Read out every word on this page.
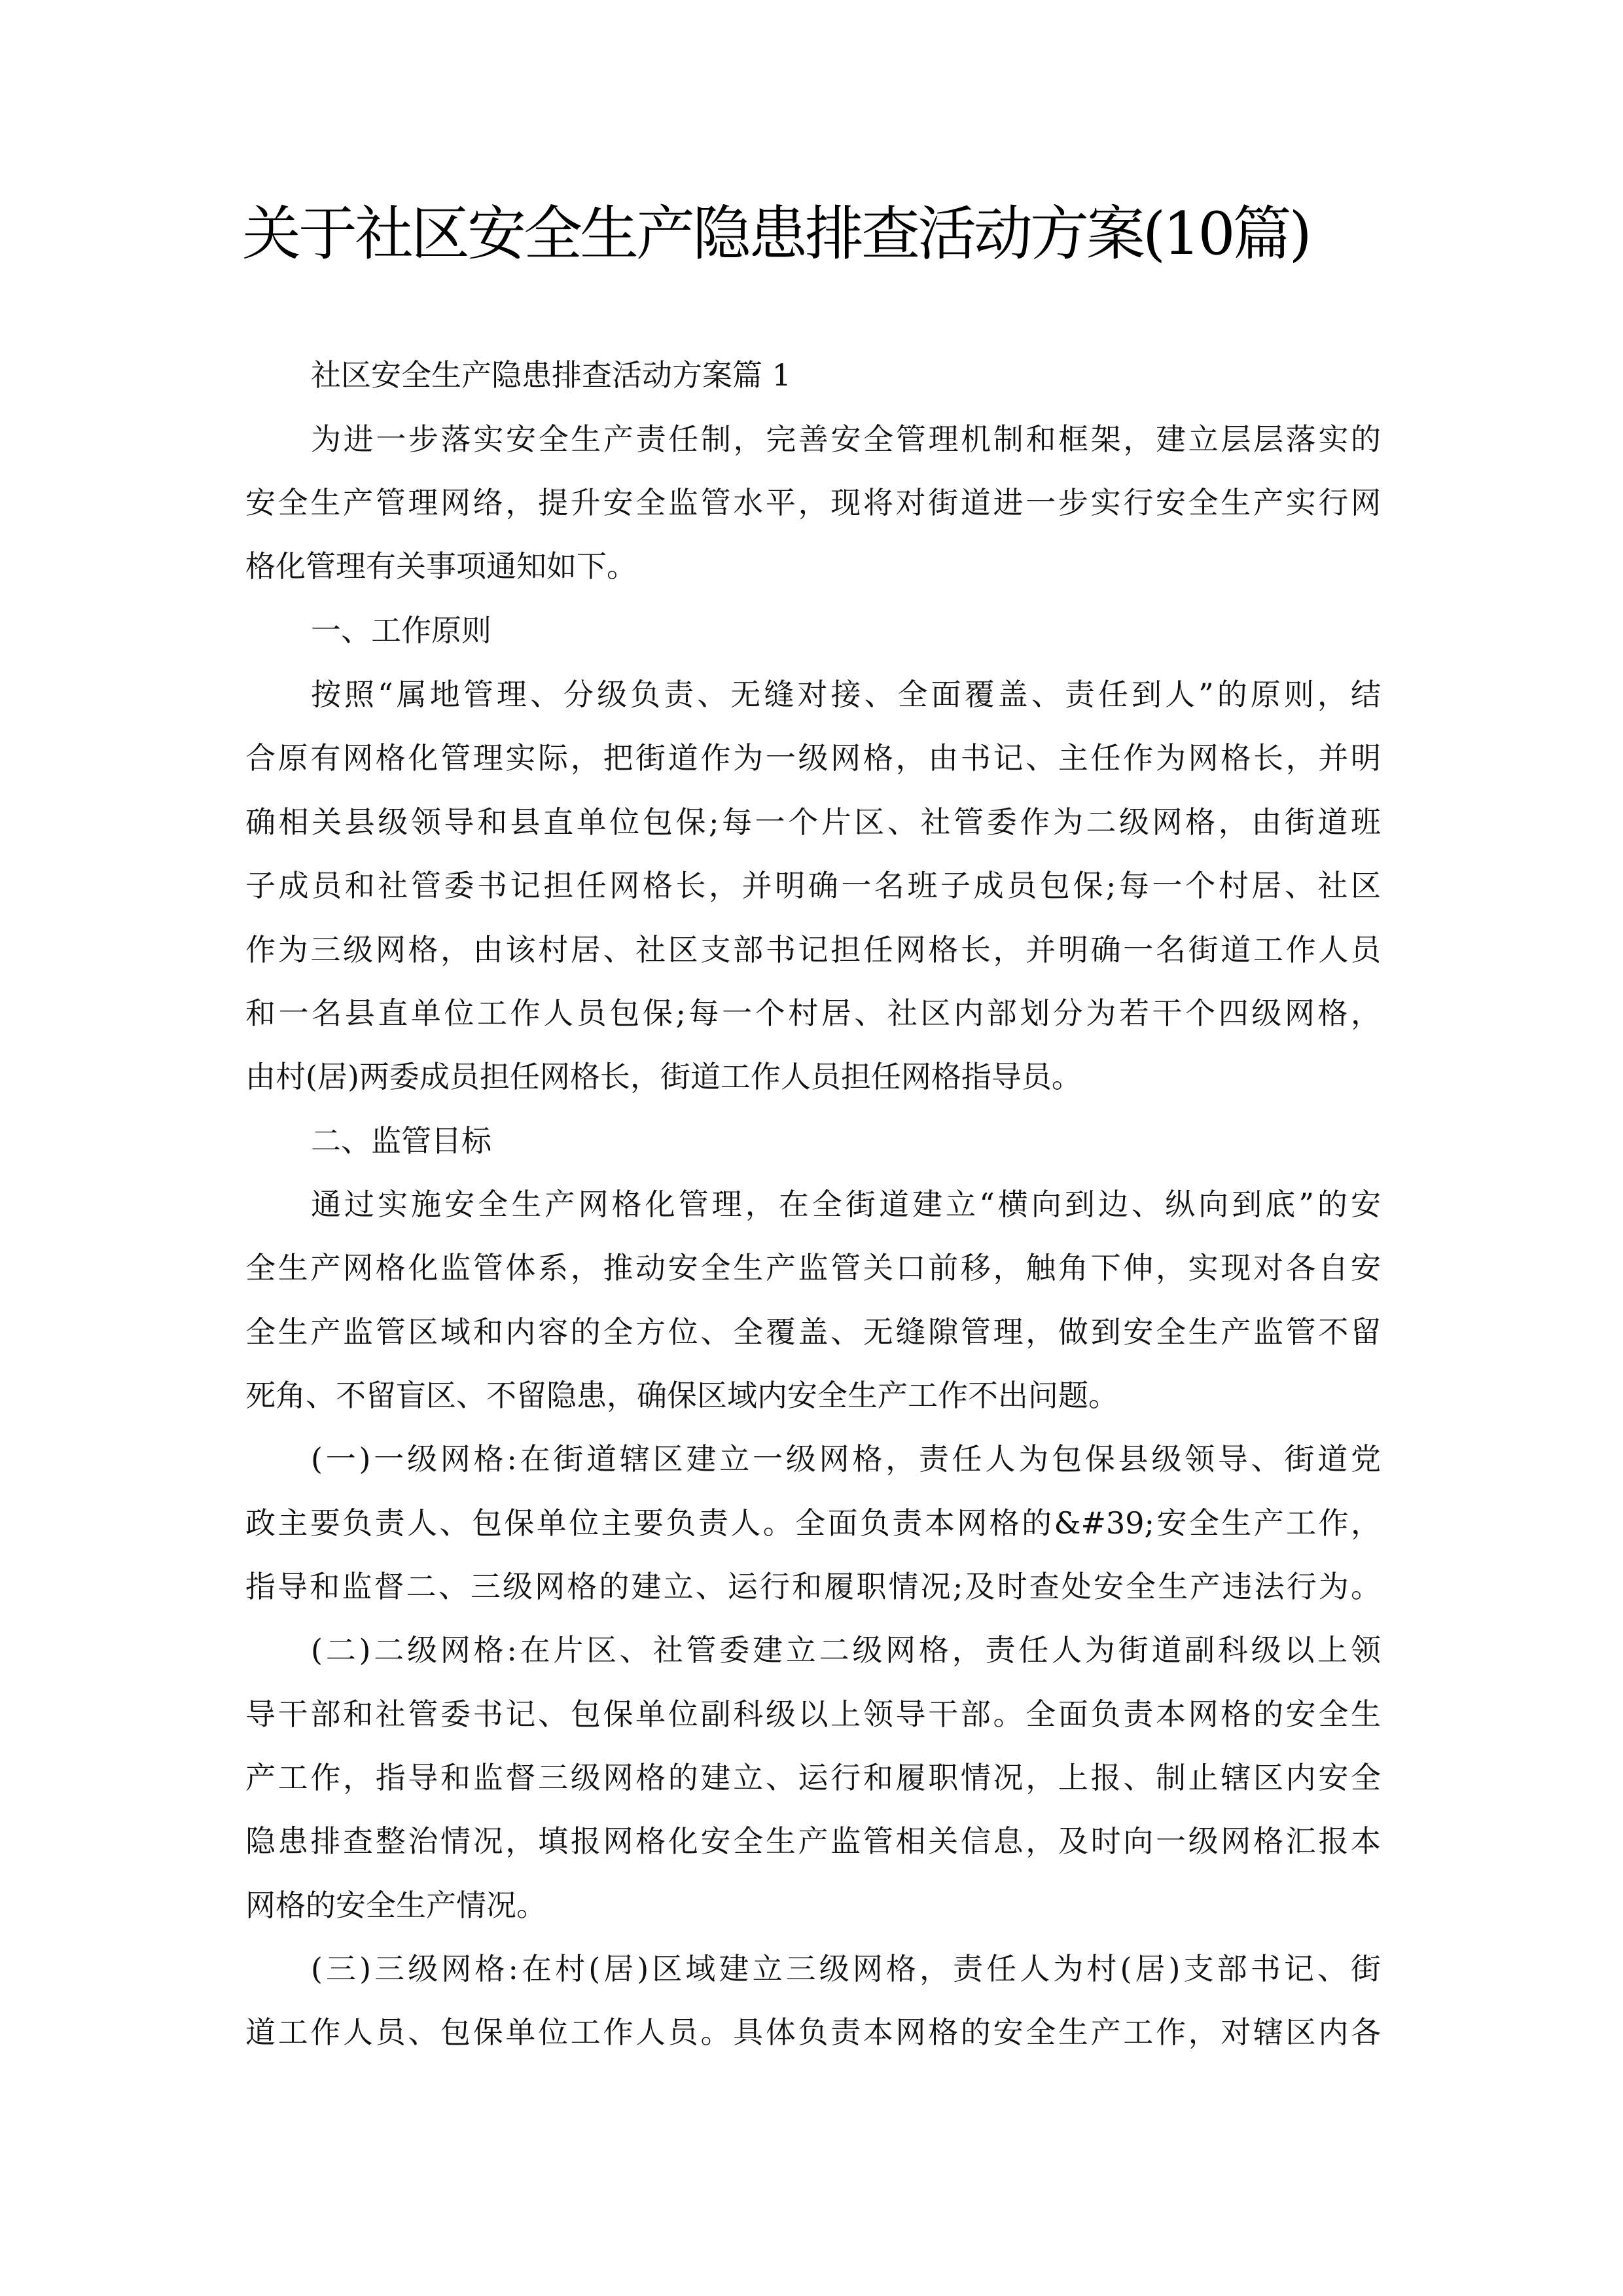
关于社区安全生产隐患排查活动方案(10篇)
社区安全生产隐患排查活动方案篇 1
为进一步落实安全生产责任制，完善安全管理机制和框架，建立层层落实的
安全生产管理网络，提升安全监管水平，现将对街道进一步实行安全生产实行网
格化管理有关事项通知如下。
一、工作原则
按照“属地管理、分级负责、无缝对接、全面覆盖、责任到人”的原则，结
合原有网格化管理实际，把街道作为一级网格，由书记、主任作为网格长，并明
确相关县级领导和县直单位包保;每一个片区、社管委作为二级网格，由街道班
子成员和社管委书记担任网格长，并明确一名班子成员包保;每一个村居、社区
作为三级网格，由该村居、社区支部书记担任网格长，并明确一名街道工作人员
和一名县直单位工作人员包保;每一个村居、社区内部划分为若干个四级网格，
由村(居)两委成员担任网格长，街道工作人员担任网格指导员。
二、监管目标
通过实施安全生产网格化管理，在全街道建立“横向到边、纵向到底”的安
全生产网格化监管体系，推动安全生产监管关口前移，触角下伸，实现对各自安
全生产监管区域和内容的全方位、全覆盖、无缝隙管理，做到安全生产监管不留
死角、不留盲区、不留隐患，确保区域内安全生产工作不出问题。
(一)一级网格:在街道辖区建立一级网格，责任人为包保县级领导、街道党
政主要负责人、包保单位主要负责人。全面负责本网格的&#39;安全生产工作，
指导和监督二、三级网格的建立、运行和履职情况;及时查处安全生产违法行为。
(二)二级网格:在片区、社管委建立二级网格，责任人为街道副科级以上领
导干部和社管委书记、包保单位副科级以上领导干部。全面负责本网格的安全生
产工作，指导和监督三级网格的建立、运行和履职情况，上报、制止辖区内安全
隐患排查整治情况，填报网格化安全生产监管相关信息，及时向一级网格汇报本
网格的安全生产情况。
(三)三级网格:在村(居)区域建立三级网格，责任人为村(居)支部书记、街
道工作人员、包保单位工作人员。具体负责本网格的安全生产工作，对辖区内各
